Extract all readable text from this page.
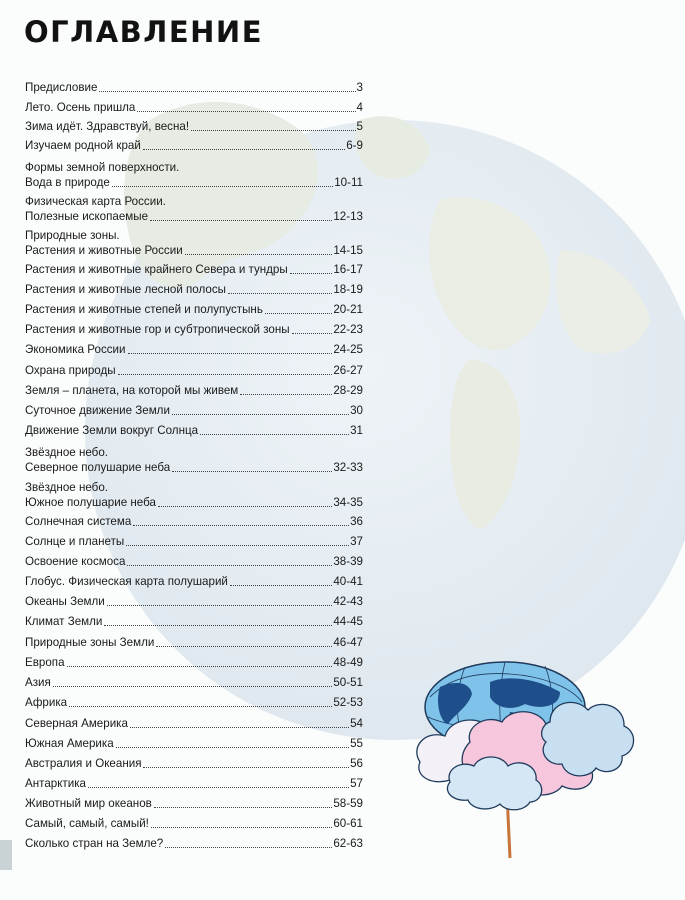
ОГЛАВЛЕНИЕ
Предисловие	3
Лето. Осень пришла	4
Зима идёт. Здравствуй, весна!	5
Изучаем родной край	6-9
Формы земной поверхности.
Вода в природе	10-11
Физическая карта России.
Полезные ископаемые	12-13
Природные зоны.
Растения и животные России	14-15
Растения и животные крайнего Севера и тундры	16-17
Растения и животные лесной полосы	18-19
Растения и животные степей и полупустынь	20-21
Растения и животные гор и субтропической зоны	22-23
Экономика России	24-25
Охрана природы	26-27
Земля – планета, на которой мы живем	28-29
Суточное движение Земли	30
Движение Земли вокруг Солнца	31
Звёздное небо.
Северное полушарие неба	32-33
Звёздное небо.
Южное полушарие неба	34-35
Солнечная система	36
Солнце и планеты	37
Освоение космоса	38-39
Глобус. Физическая карта полушарий	40-41
Океаны Земли	42-43
Климат Земли	44-45
Природные зоны Земли	46-47
Европа	48-49
Азия	50-51
Африка	52-53
Северная Америка	54
Южная Америка	55
Австралия и Океания	56
Антарктика	57
Животный мир океанов	58-59
Самый, самый, самый!	60-61
Сколько стран на Земле?	62-63
